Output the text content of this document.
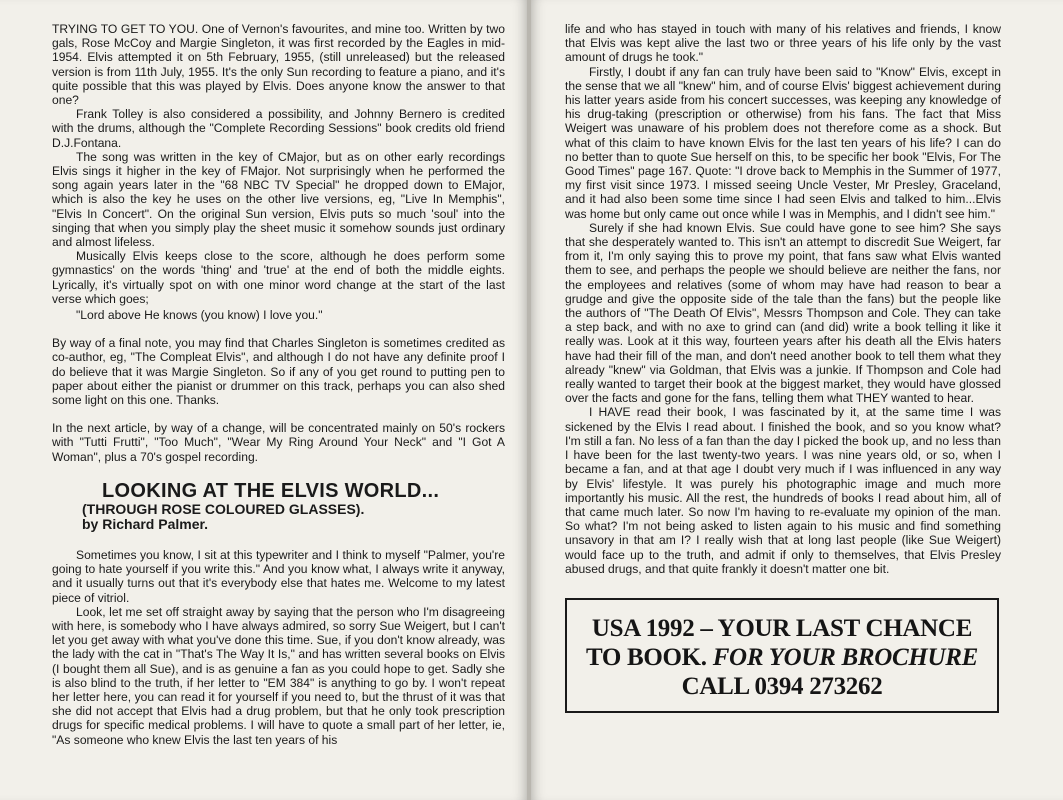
TRYING TO GET TO YOU. One of Vernon's favourites, and mine too. Written by two gals, Rose McCoy and Margie Singleton, it was first recorded by the Eagles in mid-1954. Elvis attempted it on 5th February, 1955, (still unreleased) but the released version is from 11th July, 1955. It's the only Sun recording to feature a piano, and it's quite possible that this was played by Elvis. Does anyone know the answer to that one?

Frank Tolley is also considered a possibility, and Johnny Bernero is credited with the drums, although the "Complete Recording Sessions" book credits old friend D.J.Fontana.

The song was written in the key of CMajor, but as on other early recordings Elvis sings it higher in the key of FMajor. Not surprisingly when he performed the song again years later in the "68 NBC TV Special" he dropped down to EMajor, which is also the key he uses on the other live versions, eg, "Live In Memphis", "Elvis In Concert". On the original Sun version, Elvis puts so much 'soul' into the singing that when you simply play the sheet music it somehow sounds just ordinary and almost lifeless.

Musically Elvis keeps close to the score, although he does perform some gymnastics' on the words 'thing' and 'true' at the end of both the middle eights. Lyrically, it's virtually spot on with one minor word change at the start of the last verse which goes;

"Lord above He knows (you know) I love you."

By way of a final note, you may find that Charles Singleton is sometimes credited as co-author, eg, "The Compleat Elvis", and although I do not have any definite proof I do believe that it was Margie Singleton. So if any of you get round to putting pen to paper about either the pianist or drummer on this track, perhaps you can also shed some light on this one. Thanks.

In the next article, by way of a change, will be concentrated mainly on 50's rockers with "Tutti Frutti", "Too Much", "Wear My Ring Around Your Neck" and "I Got A Woman", plus a 70's gospel recording.

LOOKING AT THE ELVIS WORLD...
(THROUGH ROSE COLOURED GLASSES).
by Richard Palmer.

Sometimes you know, I sit at this typewriter and I think to myself "Palmer, you're going to hate yourself if you write this." And you know what, I always write it anyway, and it usually turns out that it's everybody else that hates me. Welcome to my latest piece of vitriol.

Look, let me set off straight away by saying that the person who I'm disagreeing with here, is somebody who I have always admired, so sorry Sue Weigert, but I can't let you get away with what you've done this time. Sue, if you don't know already, was the lady with the cat in "That's The Way It Is," and has written several books on Elvis (I bought them all Sue), and is as genuine a fan as you could hope to get. Sadly she is also blind to the truth, if her letter to "EM 384" is anything to go by. I won't repeat her letter here, you can read it for yourself if you need to, but the thrust of it was that she did not accept that Elvis had a drug problem, but that he only took prescription drugs for specific medical problems. I will have to quote a small part of her letter, ie, "As someone who knew Elvis the last ten years of his

life and who has stayed in touch with many of his relatives and friends, I know that Elvis was kept alive the last two or three years of his life only by the vast amount of drugs he took."

Firstly, I doubt if any fan can truly have been said to "Know" Elvis, except in the sense that we all "knew" him, and of course Elvis' biggest achievement during his latter years aside from his concert successes, was keeping any knowledge of his drug-taking (prescription or otherwise) from his fans. The fact that Miss Weigert was unaware of his problem does not therefore come as a shock. But what of this claim to have known Elvis for the last ten years of his life? I can do no better than to quote Sue herself on this, to be specific her book "Elvis, For The Good Times" page 167. Quote: "I drove back to Memphis in the Summer of 1977, my first visit since 1973. I missed seeing Uncle Vester, Mr Presley, Graceland, and it had also been some time since I had seen Elvis and talked to him...Elvis was home but only came out once while I was in Memphis, and I didn't see him."

Surely if she had known Elvis. Sue could have gone to see him? She says that she desperately wanted to. This isn't an attempt to discredit Sue Weigert, far from it, I'm only saying this to prove my point, that fans saw what Elvis wanted them to see, and perhaps the people we should believe are neither the fans, nor the employees and relatives (some of whom may have had reason to bear a grudge and give the opposite side of the tale than the fans) but the people like the authors of "The Death Of Elvis", Messrs Thompson and Cole. They can take a step back, and with no axe to grind can (and did) write a book telling it like it really was. Look at it this way, fourteen years after his death all the Elvis haters have had their fill of the man, and don't need another book to tell them what they already "knew" via Goldman, that Elvis was a junkie. If Thompson and Cole had really wanted to target their book at the biggest market, they would have glossed over the facts and gone for the fans, telling them what THEY wanted to hear.

I HAVE read their book, I was fascinated by it, at the same time I was sickened by the Elvis I read about. I finished the book, and so you know what? I'm still a fan. No less of a fan than the day I picked the book up, and no less than I have been for the last twenty-two years. I was nine years old, or so, when I became a fan, and at that age I doubt very much if I was influenced in any way by Elvis' lifestyle. It was purely his photographic image and much more importantly his music. All the rest, the hundreds of books I read about him, all of that came much later. So now I'm having to re-evaluate my opinion of the man. So what? I'm not being asked to listen again to his music and find something unsavory in that am I? I really wish that at long last people (like Sue Weigert) would face up to the truth, and admit if only to themselves, that Elvis Presley abused drugs, and that quite frankly it doesn't matter one bit.

USA 1992 – YOUR LAST CHANCE
TO BOOK. FOR YOUR BROCHURE
CALL 0394 273262
